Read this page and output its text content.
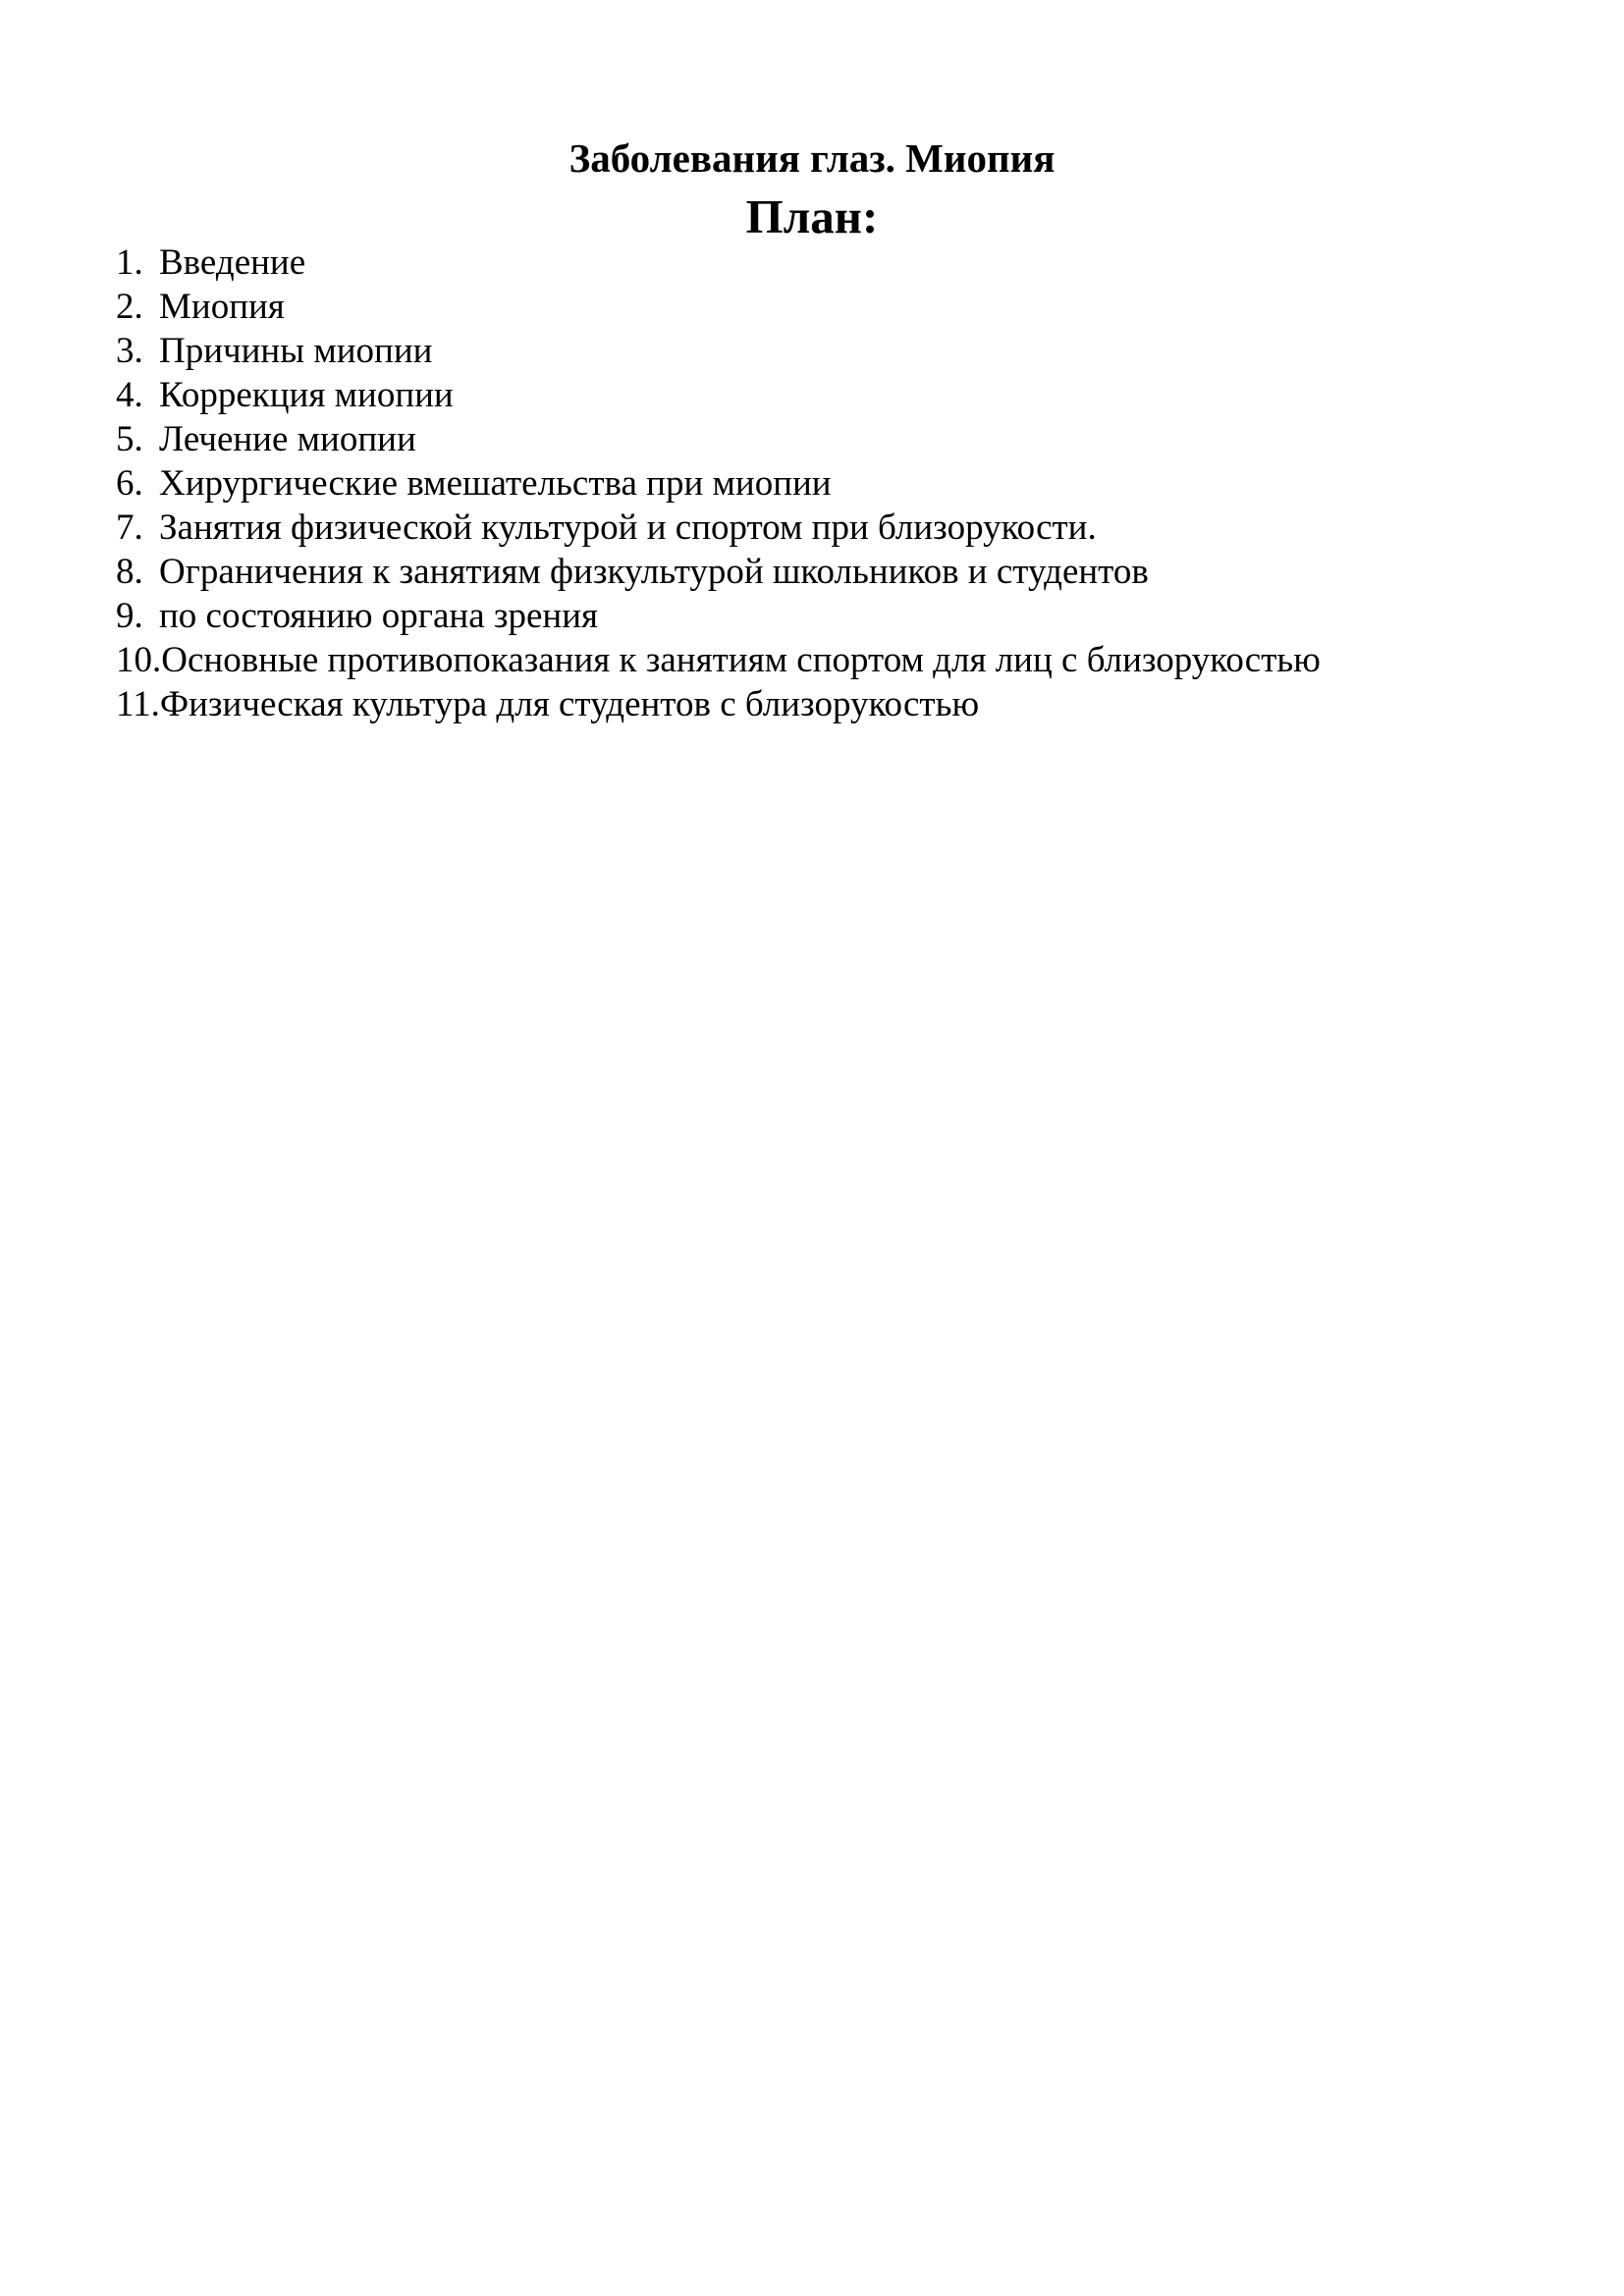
Заболевания глаз. Миопия
План:
1. Введение
2. Миопия
3. Причины миопии
4. Коррекция миопии
5. Лечение миопии
6. Хирургические вмешательства при миопии
7. Занятия физической культурой и спортом при близорукости.
8. Ограничения к занятиям физкультурой школьников и студентов
9. по состоянию органа зрения
10.Основные противопоказания к занятиям спортом для лиц с близорукостью
11.Физическая культура для студентов с близорукостью
